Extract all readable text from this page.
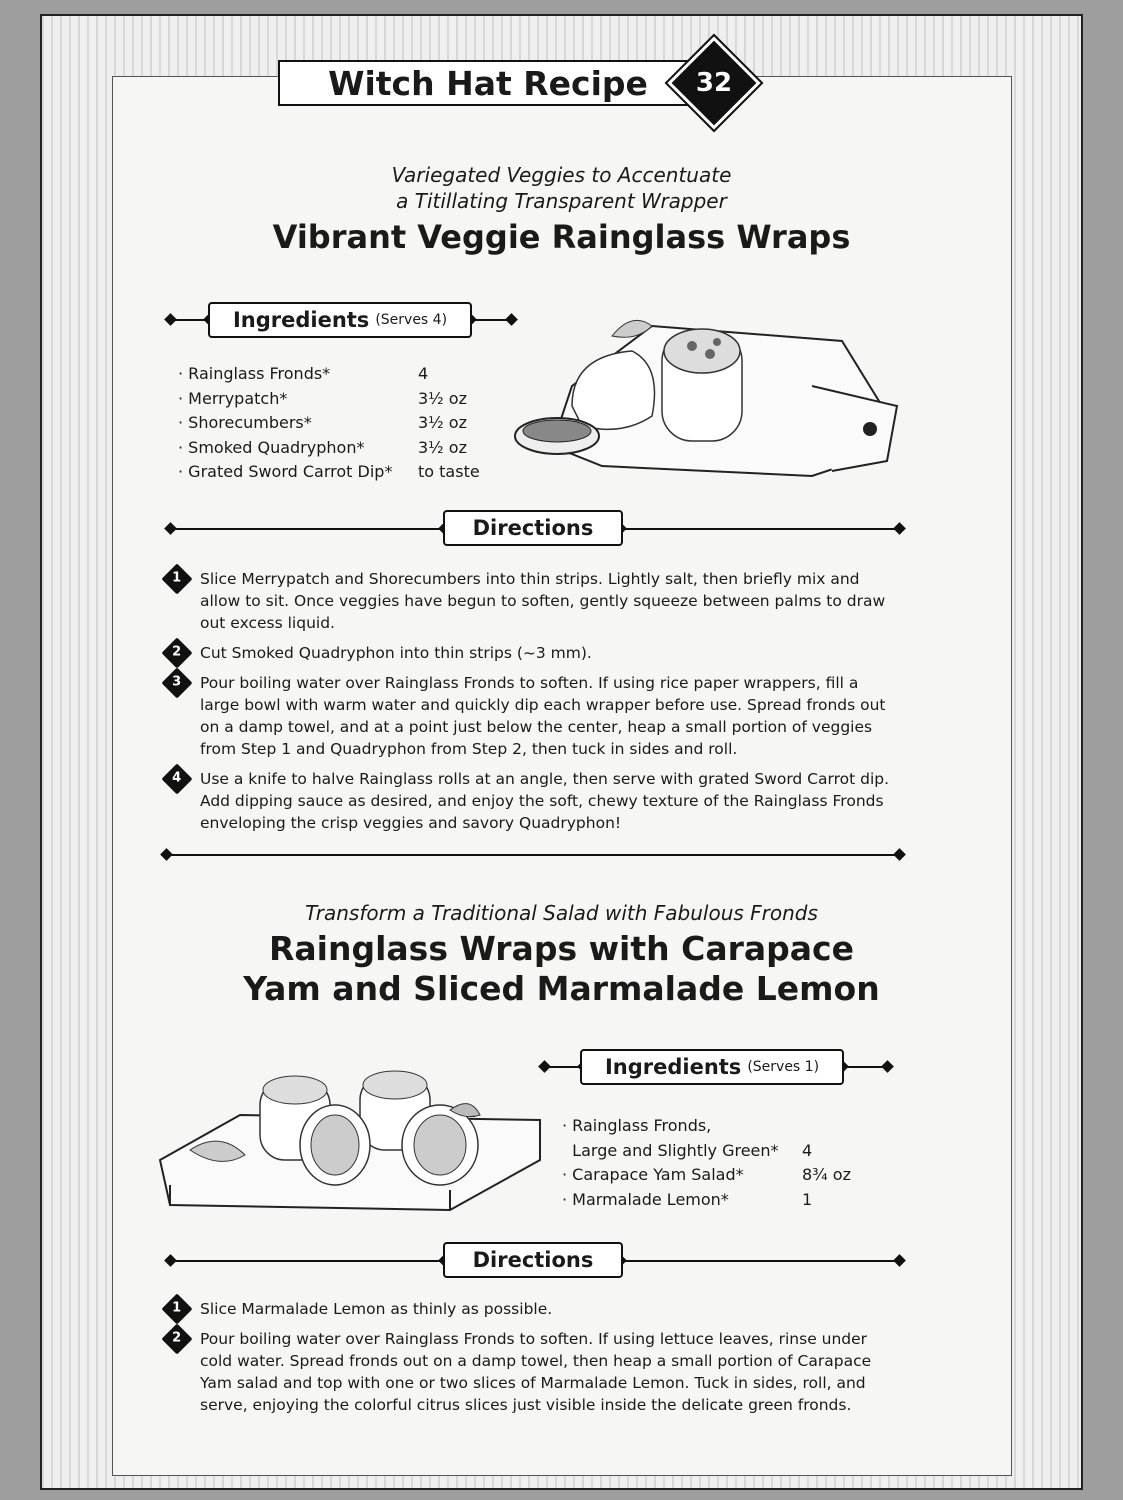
Witch Hat Recipe	32
Variegated Veggies to Accentuate
a Titillating Transparent Wrapper
Vibrant Veggie Rainglass Wraps
Ingredients (Serves 4)
· Rainglass Fronds*	4
· Merrypatch*	3½ oz
· Shorecumbers*	3½ oz
· Smoked Quadryphon*	3½ oz
· Grated Sword Carrot Dip*	to taste
Directions
1 Slice Merrypatch and Shorecumbers into thin strips. Lightly salt, then briefly mix and allow to sit. Once veggies have begun to soften, gently squeeze between palms to draw out excess liquid.
2 Cut Smoked Quadryphon into thin strips (~3 mm).
3 Pour boiling water over Rainglass Fronds to soften. If using rice paper wrappers, fill a large bowl with warm water and quickly dip each wrapper before use. Spread fronds out on a damp towel, and at a point just below the center, heap a small portion of veggies from Step 1 and Quadryphon from Step 2, then tuck in sides and roll.
4 Use a knife to halve Rainglass rolls at an angle, then serve with grated Sword Carrot dip. Add dipping sauce as desired, and enjoy the soft, chewy texture of the Rainglass Fronds enveloping the crisp veggies and savory Quadryphon!
Transform a Traditional Salad with Fabulous Fronds
Rainglass Wraps with Carapace
Yam and Sliced Marmalade Lemon
Ingredients (Serves 1)
· Rainglass Fronds,
Large and Slightly Green*	4
· Carapace Yam Salad*	8¾ oz
· Marmalade Lemon*	1
Directions
1 Slice Marmalade Lemon as thinly as possible.
2 Pour boiling water over Rainglass Fronds to soften. If using lettuce leaves, rinse under cold water. Spread fronds out on a damp towel, then heap a small portion of Carapace Yam salad and top with one or two slices of Marmalade Lemon. Tuck in sides, roll, and serve, enjoying the colorful citrus slices just visible inside the delicate green fronds.
